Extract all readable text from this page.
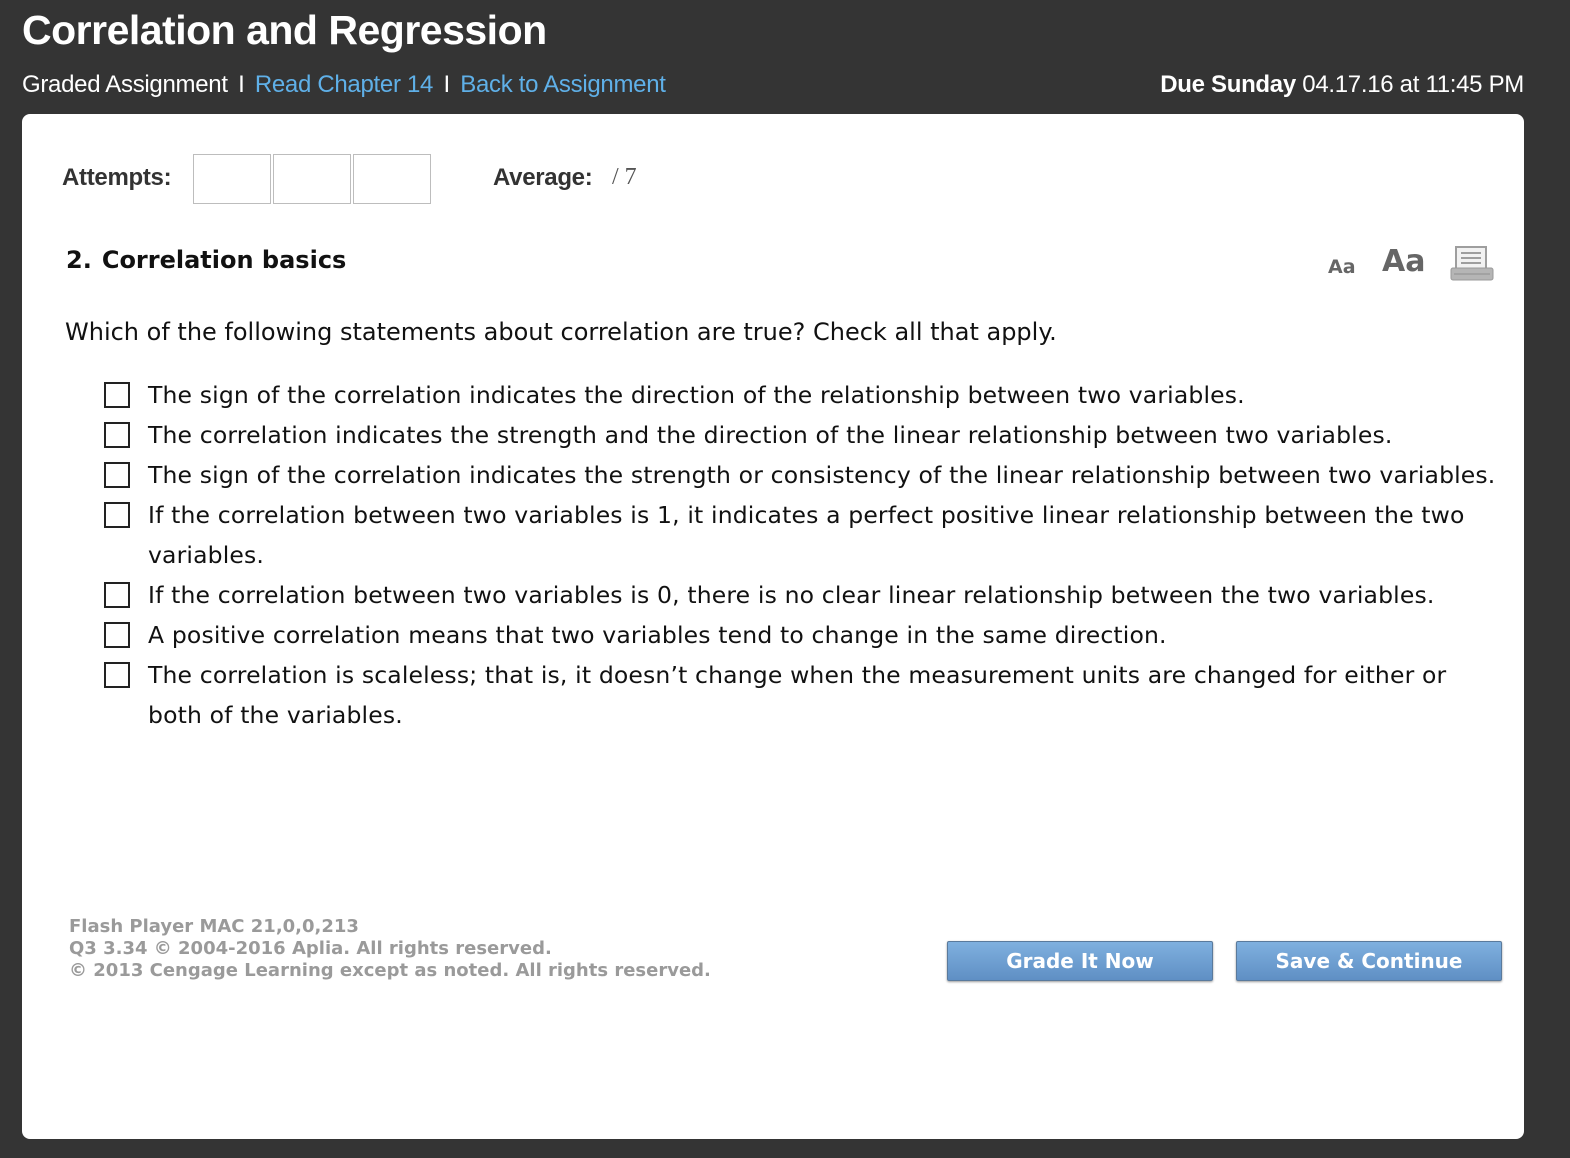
Correlation and Regression
Graded Assignment I Read Chapter 14 I Back to Assignment	Due Sunday 04.17.16 at 11:45 PM
Attempts:	Average: / 7
2. Correlation basics	Aa Aa
Which of the following statements about correlation are true? Check all that apply.
The sign of the correlation indicates the direction of the relationship between two variables.
The correlation indicates the strength and the direction of the linear relationship between two variables.
The sign of the correlation indicates the strength or consistency of the linear relationship between two variables.
If the correlation between two variables is 1, it indicates a perfect positive linear relationship between the two variables.
If the correlation between two variables is 0, there is no clear linear relationship between the two variables.
A positive correlation means that two variables tend to change in the same direction.
The correlation is scaleless; that is, it doesn’t change when the measurement units are changed for either or both of the variables.
Flash Player MAC 21,0,0,213
Q3 3.34 © 2004-2016 Aplia. All rights reserved.
© 2013 Cengage Learning except as noted. All rights reserved.	Grade It Now	Save & Continue
